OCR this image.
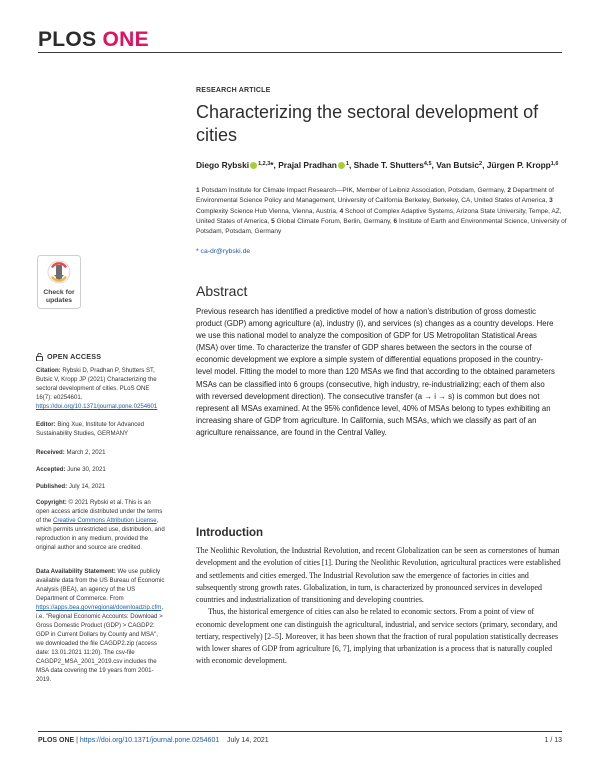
PLOS ONE
RESEARCH ARTICLE
Characterizing the sectoral development of cities
Diego Rybski $^{1,2,3}$*, Prajal Pradhan $^1$, Shade T. Shutters$^{4,5}$, Van Butsic$^2$, Jürgen P. Kropp$^{1,6}$
1 Potsdam Institute for Climate Impact Research—PIK, Member of Leibniz Association, Potsdam, Germany, 2 Department of Environmental Science Policy and Management, University of California Berkeley, Berkeley, CA, United States of America, 3 Complexity Science Hub Vienna, Vienna, Austria, 4 School of Complex Adaptive Systems, Arizona State University, Tempe, AZ, United States of America, 5 Global Climate Forum, Berlin, Germany, 6 Institute of Earth and Environmental Science, University of Potsdam, Potsdam, Germany
* ca-dr@rybski.de
Check for
updates
Abstract
Previous research has identified a predictive model of how a nation's distribution of gross domestic product (GDP) among agriculture (a), industry (i), and services (s) changes as a country develops. Here we use this national model to analyze the composition of GDP for US Metropolitan Statistical Areas (MSA) over time. To characterize the transfer of GDP shares between the sectors in the course of economic development we explore a simple system of differential equations proposed in the country-level model. Fitting the model to more than 120 MSAs we find that according to the obtained parameters MSAs can be classified into 6 groups (consecutive, high industry, re-industrializing; each of them also with reversed development direction). The consecutive transfer (a → i → s) is common but does not represent all MSAs examined. At the 95% confidence level, 40% of MSAs belong to types exhibiting an increasing share of GDP from agriculture. In California, such MSAs, which we classify as part of an agriculture renaissance, are found in the Central Valley.
OPEN ACCESS
Citation: Rybski D, Pradhan P, Shutters ST, Butsic V, Kropp JP (2021) Characterizing the sectoral development of cities. PLoS ONE 16(7): e0254601. https://doi.org/10.1371/journal.pone.0254601
Editor: Bing Xue, Institute for Advanced Sustainability Studies, GERMANY
Received: March 2, 2021
Accepted: June 30, 2021
Published: July 14, 2021
Copyright: © 2021 Rybski et al. This is an open access article distributed under the terms of the Creative Commons Attribution License, which permits unrestricted use, distribution, and reproduction in any medium, provided the original author and source are credited.
Data Availability Statement: We use publicly available data from the US Bureau of Economic Analysis (BEA), an agency of the US Department of Commerce. From https://apps.bea.gov/regional/downloadzip.cfm, i.e. "Regional Economic Accounts: Download > Gross Domestic Product (GDP) > CAGDP2: GDP in Current Dollars by County and MSA", we downloaded the file CAGDP2.zip (access date: 13.01.2021 11:20). The csv-file CAGDP2_MSA_2001_2019.csv includes the MSA data covering the 19 years from 2001-2019.
Introduction

The Neolithic Revolution, the Industrial Revolution, and recent Globalization can be seen as cornerstones of human development and the evolution of cities [1]. During the Neolithic Revolution, agricultural practices were established and settlements and cities emerged. The Industrial Revolution saw the emergence of factories in cities and subsequently strong growth rates. Globalization, in turn, is characterized by pronounced services in developed countries and industrialization of transitioning and developing countries.

Thus, the historical emergence of cities can also be related to economic sectors. From a point of view of economic development one can distinguish the agricultural, industrial, and service sectors (primary, secondary, and tertiary, respectively) [2–5]. Moreover, it has been shown that the fraction of rural population statistically decreases with lower shares of GDP from agriculture [6, 7], implying that urbanization is a process that is naturally coupled with economic development.

PLOS ONE | https://doi.org/10.1371/journal.pone.0254601 July 14, 2021	1 / 13
